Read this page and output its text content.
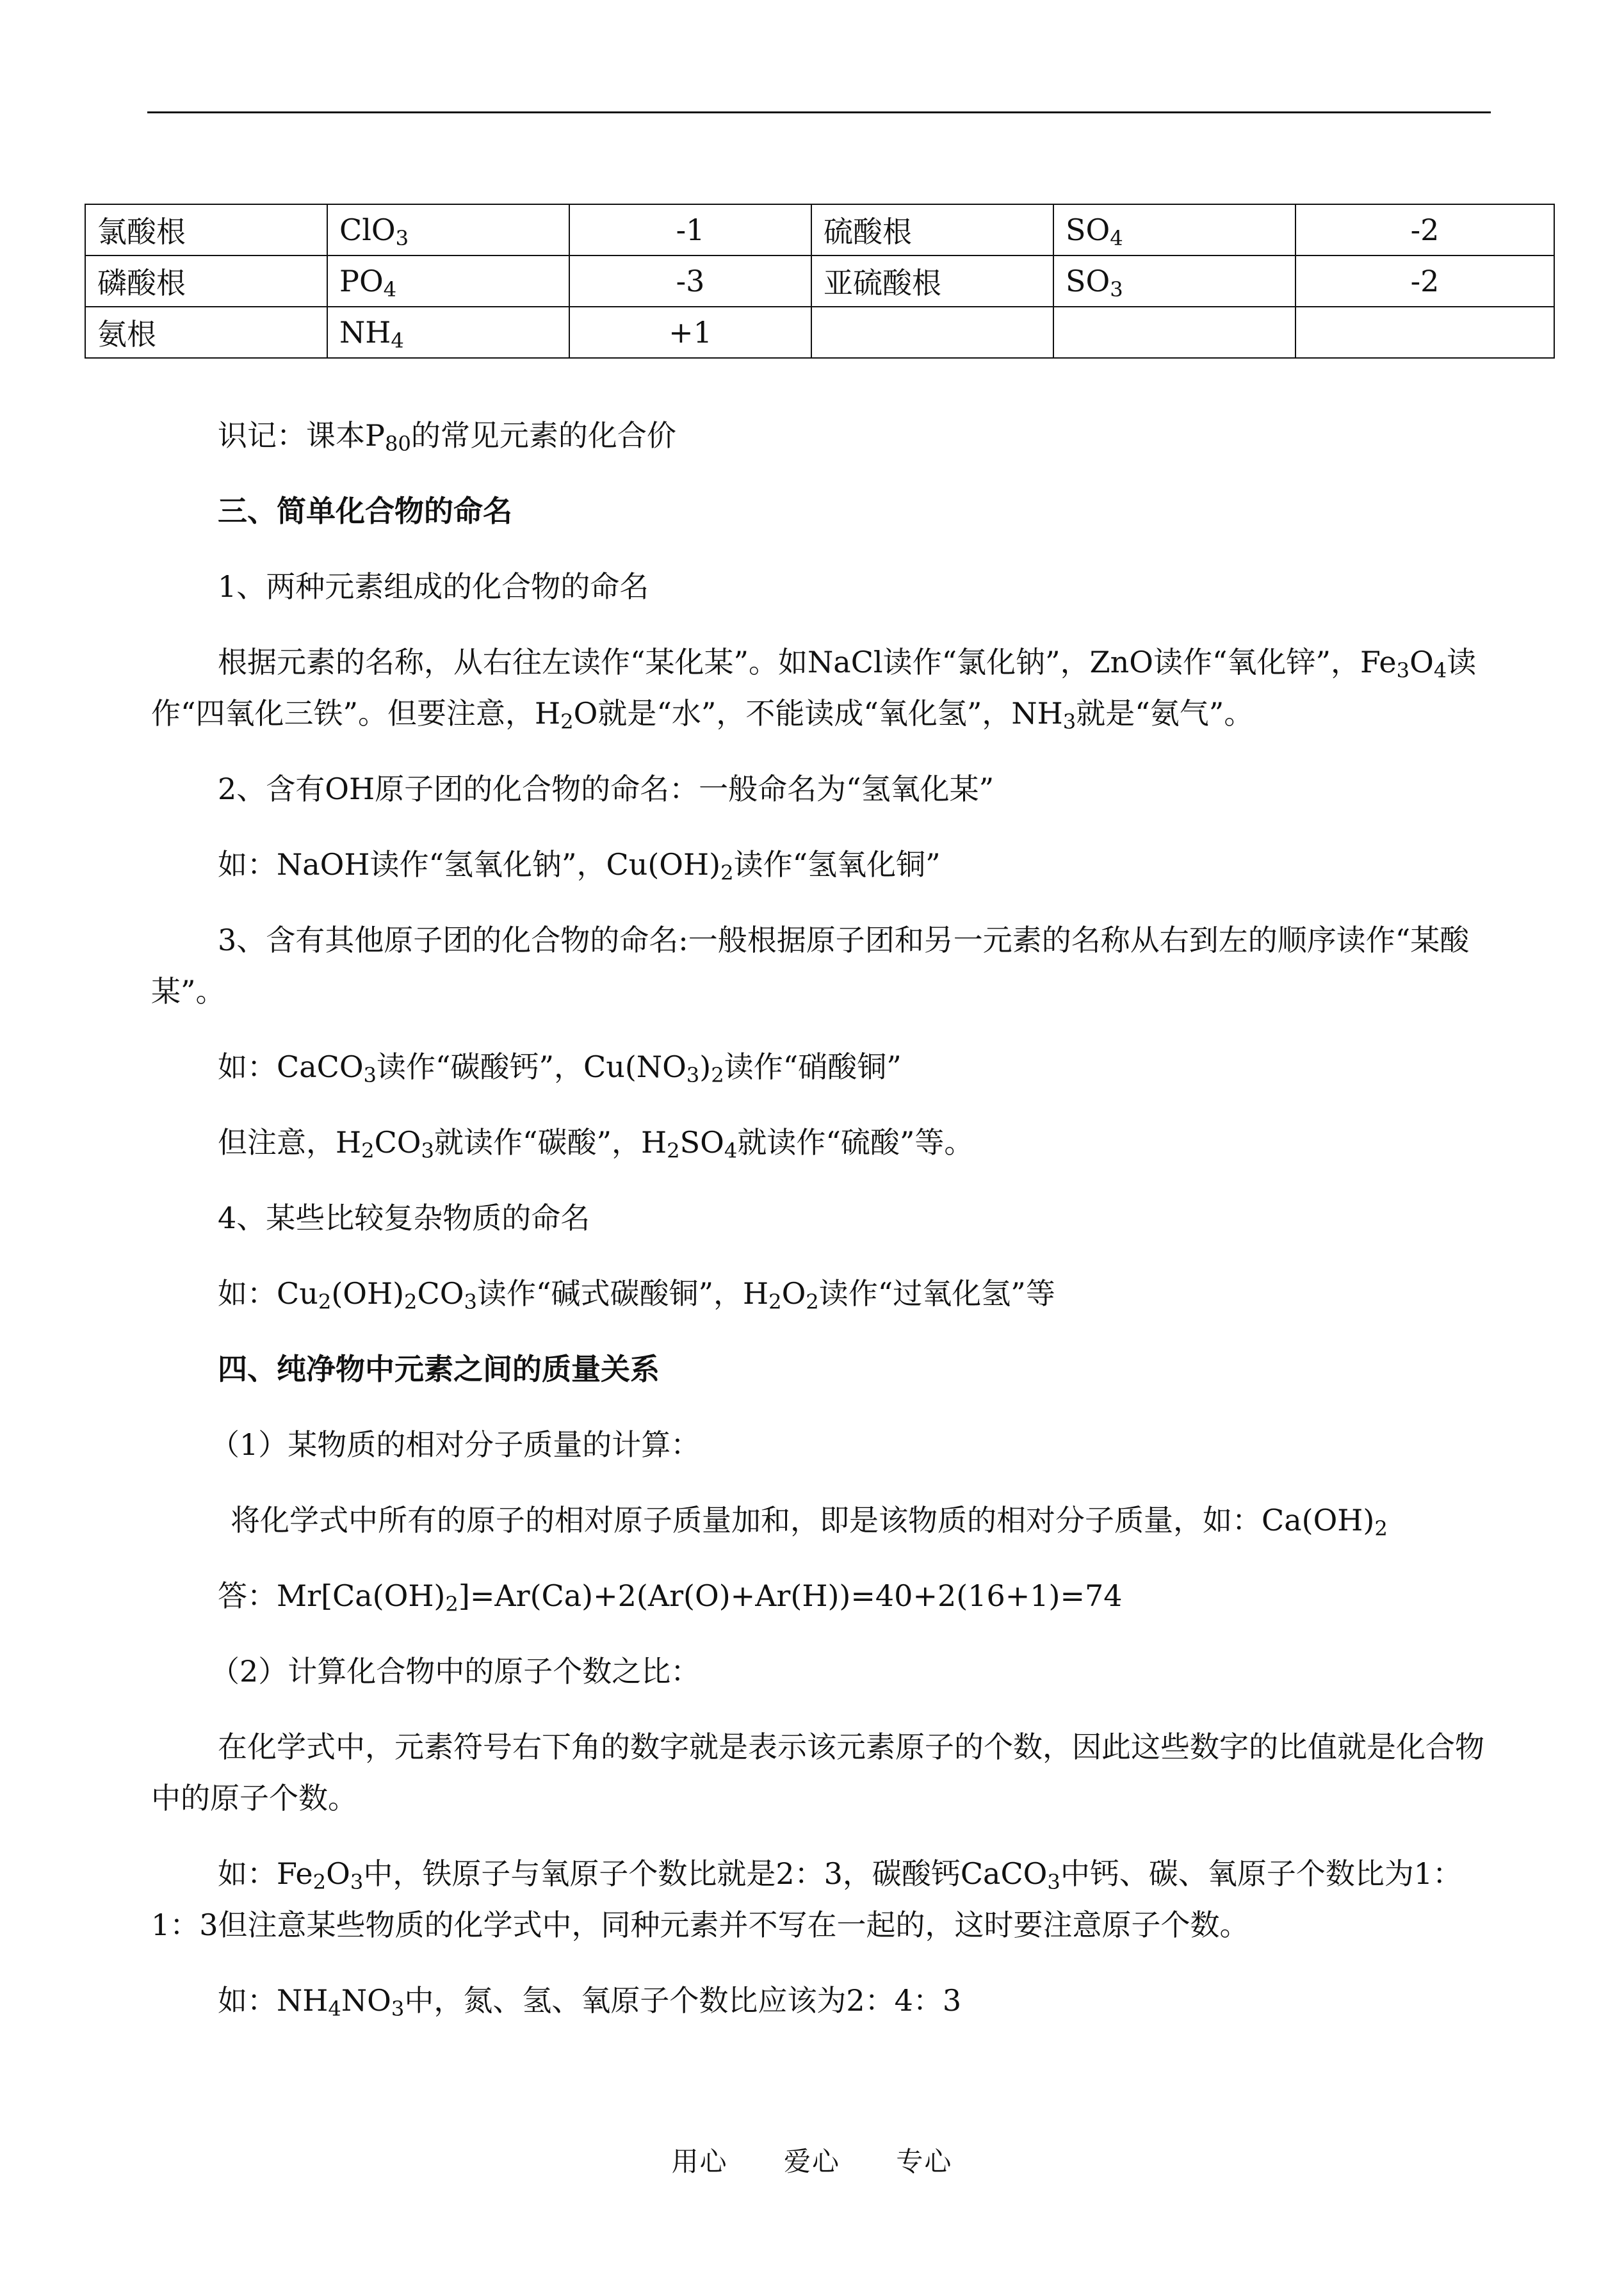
氯酸根	ClO$_3$	-1	硫酸根	$SO_4$	-2
磷酸根	$PO_4$	-3	亚硫酸根	$SO_3$	-2
氨根	$NH_4$	+1			

识记：课本$P_{80}$的常见元素的化合价

三、简单化合物的命名

1、两种元素组成的化合物的命名

根据元素的名称，从右往左读作“某化某”。如NaCl读作“氯化钠”，ZnO读作“氧化锌”，$Fe_3O_4$读作“四氧化三铁”。但要注意，$H_2O$就是“水”，不能读成“氧化氢”，$NH_3$就是“氨气”。

2、含有OH原子团的化合物的命名：一般命名为“氢氧化某”

如：NaOH读作“氢氧化钠”，$Cu(OH)_2$读作“氢氧化铜”

3、含有其他原子团的化合物的命名:一般根据原子团和另一元素的名称从右到左的顺序读作“某酸某”。

如：CaCO$_3$读作“碳酸钙”，$Cu(NO_3)_2$读作“硝酸铜”

但注意，$H_2CO_3$就读作“碳酸”，$H_2SO_4$就读作“硫酸”等。

4、某些比较复杂物质的命名

如：$Cu_2(OH)_2CO_3$读作“碱式碳酸铜”，$H_2O_2$读作“过氧化氢”等

四、纯净物中元素之间的质量关系

（1）某物质的相对分子质量的计算：

将化学式中所有的原子的相对原子质量加和，即是该物质的相对分子质量，如：$Ca(OH)_2$

答：$Mr[Ca(OH)_2]=Ar(Ca)+2(Ar(O)+Ar(H))=40+2(16+1)=74$

（2）计算化合物中的原子个数之比：

在化学式中，元素符号右下角的数字就是表示该元素原子的个数，因此这些数字的比值就是化合物中的原子个数。

如：$Fe_2O_3$中，铁原子与氧原子个数比就是2：3，碳酸钙CaCO$_3$中钙、碳、氧原子个数比为1：1：3但注意某些物质的化学式中，同种元素并不写在一起的，这时要注意原子个数。

如：$NH_4NO_3$中，氮、氢、氧原子个数比应该为2：4：3

用心 爱心 专心
